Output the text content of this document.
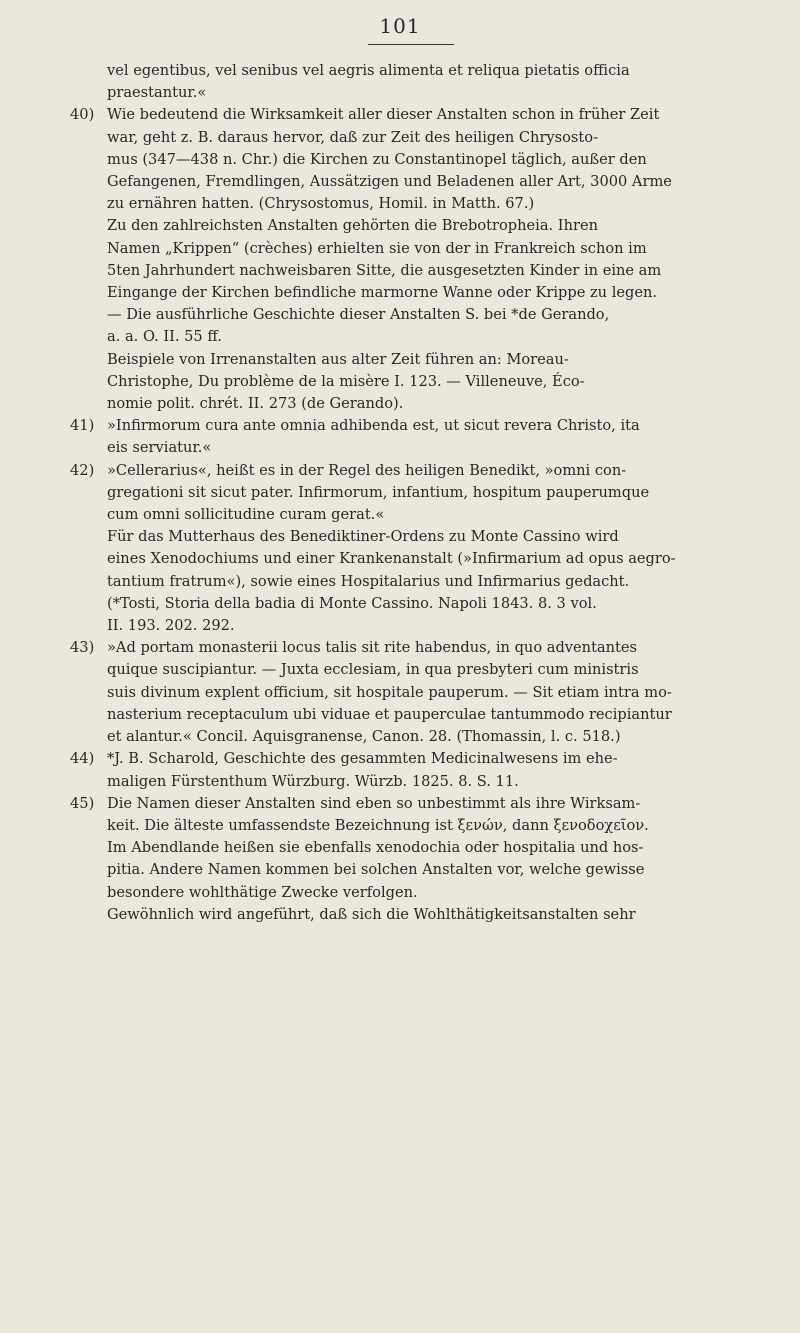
101
vel egentibus, vel senibus vel aegris alimenta et reliqua pietatis officia
praestantur.«
40) Wie bedeutend die Wirksamkeit aller dieser Anstalten schon in früher Zeit
war, geht z. B. daraus hervor, daß zur Zeit des heiligen Chrysosto-
mus (347—438 n. Chr.) die Kirchen zu Constantinopel täglich, außer den
Gefangenen, Fremdlingen, Aussätzigen und Beladenen aller Art, 3000 Arme
zu ernähren hatten. (Chrysostomus, Homil. in Matth. 67.)
Zu den zahlreichsten Anstalten gehörten die Brebotropheia. Ihren
Namen „Krippen“ (crèches) erhielten sie von der in Frankreich schon im
5ten Jahrhundert nachweisbaren Sitte, die ausgesetzten Kinder in eine am
Eingange der Kirchen befindliche marmorne Wanne oder Krippe zu legen.
— Die ausführliche Geschichte dieser Anstalten S. bei *de Gerando,
a. a. O. II. 55 ff.
Beispiele von Irrenanstalten aus alter Zeit führen an: Moreau-
Christophe, Du problème de la misère I. 123. — Villeneuve, Éco-
nomie polit. chrét. II. 273 (de Gerando).
41) »Infirmorum cura ante omnia adhibenda est, ut sicut revera Christo, ita
eis serviatur.«
42) »Cellerarius«, heißt es in der Regel des heiligen Benedikt, »omni con-
gregationi sit sicut pater. Infirmorum, infantium, hospitum pauperumque
cum omni sollicitudine curam gerat.«
Für das Mutterhaus des Benediktiner-Ordens zu Monte Cassino wird
eines Xenodochiums und einer Krankenanstalt (»Infirmarium ad opus aegro-
tantium fratrum«), sowie eines Hospitalarius und Infirmarius gedacht.
(*Tosti, Storia della badia di Monte Cassino. Napoli 1843. 8. 3 vol.
II. 193. 202. 292.
43) »Ad portam monasterii locus talis sit rite habendus, in quo adventantes
quique suscipiantur. — Juxta ecclesiam, in qua presbyteri cum ministris
suis divinum explent officium, sit hospitale pauperum. — Sit etiam intra mo-
nasterium receptaculum ubi viduae et pauperculae tantummodo recipiantur
et alantur.« Concil. Aquisgranense, Canon. 28. (Thomassin, l. c. 518.)
44) *J. B. Scharold, Geschichte des gesammten Medicinalwesens im ehe-
maligen Fürstenthum Würzburg. Würzb. 1825. 8. S. 11.
45) Die Namen dieser Anstalten sind eben so unbestimmt als ihre Wirksam-
keit. Die älteste umfassendste Bezeichnung ist ξενών, dann ξενοδοχεῖον.
Im Abendlande heißen sie ebenfalls xenodochia oder hospitalia und hos-
pitia. Andere Namen kommen bei solchen Anstalten vor, welche gewisse
besondere wohlthätige Zwecke verfolgen.
Gewöhnlich wird angeführt, daß sich die Wohlthätigkeitsanstalten sehr
